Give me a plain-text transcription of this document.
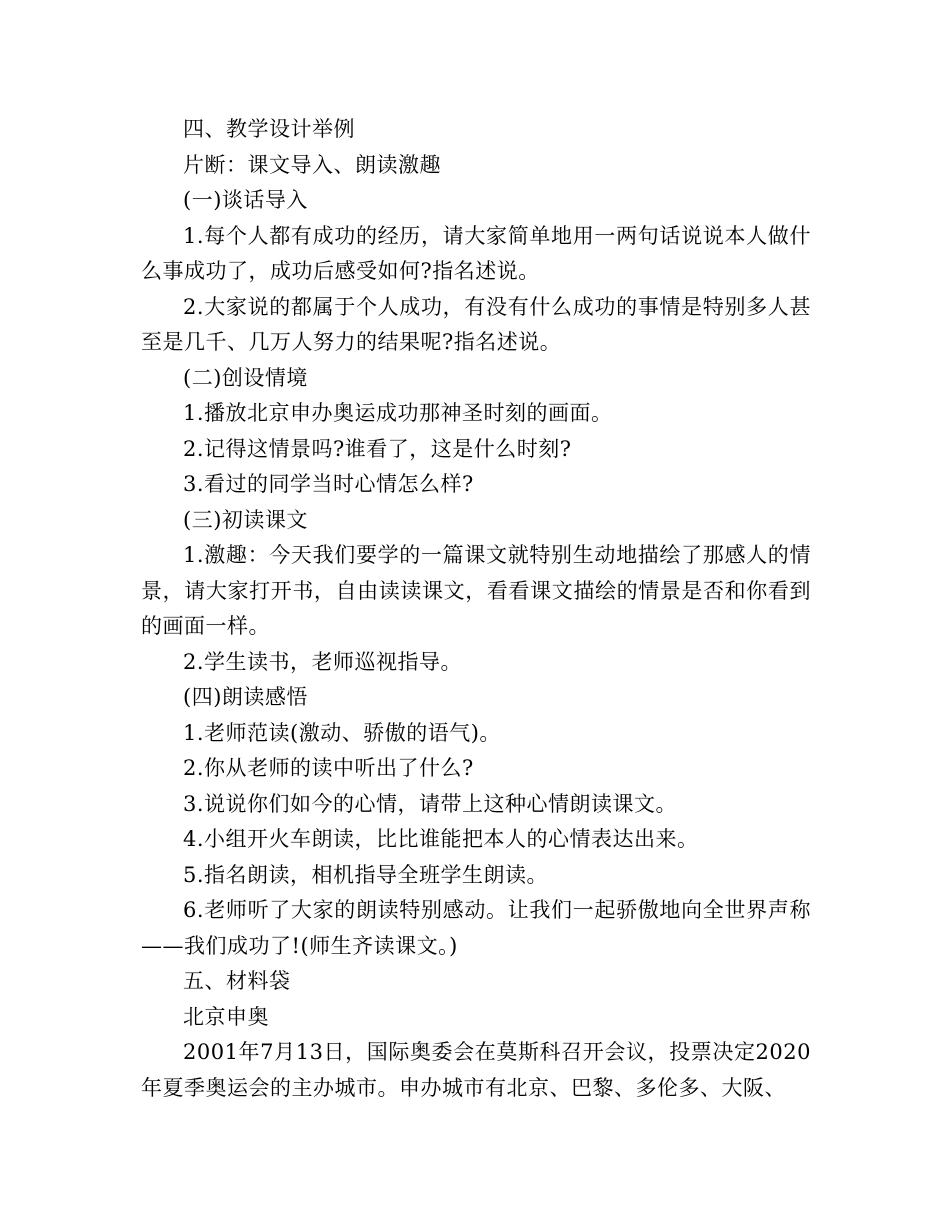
四、教学设计举例

片断：课文导入、朗读激趣

(一)谈话导入

1.每个人都有成功的经历，请大家简单地用一两句话说说本人做什么事成功了，成功后感受如何?指名述说。

2.大家说的都属于个人成功，有没有什么成功的事情是特别多人甚至是几千、几万人努力的结果呢?指名述说。

(二)创设情境

1.播放北京申办奥运成功那神圣时刻的画面。

2.记得这情景吗?谁看了，这是什么时刻?

3.看过的同学当时心情怎么样?

(三)初读课文

1.激趣：今天我们要学的一篇课文就特别生动地描绘了那感人的情景，请大家打开书，自由读读课文，看看课文描绘的情景是否和你看到的画面一样。

2.学生读书，老师巡视指导。

(四)朗读感悟

1.老师范读(激动、骄傲的语气)。

2.你从老师的读中听出了什么?

3.说说你们如今的心情，请带上这种心情朗读课文。

4.小组开火车朗读，比比谁能把本人的心情表达出来。

5.指名朗读，相机指导全班学生朗读。

6.老师听了大家的朗读特别感动。让我们一起骄傲地向全世界声称——我们成功了!(师生齐读课文。)

五、材料袋

北京申奥

2001年7月13日，国际奥委会在莫斯科召开会议，投票决定2020年夏季奥运会的主办城市。申办城市有北京、巴黎、多伦多、大阪、
